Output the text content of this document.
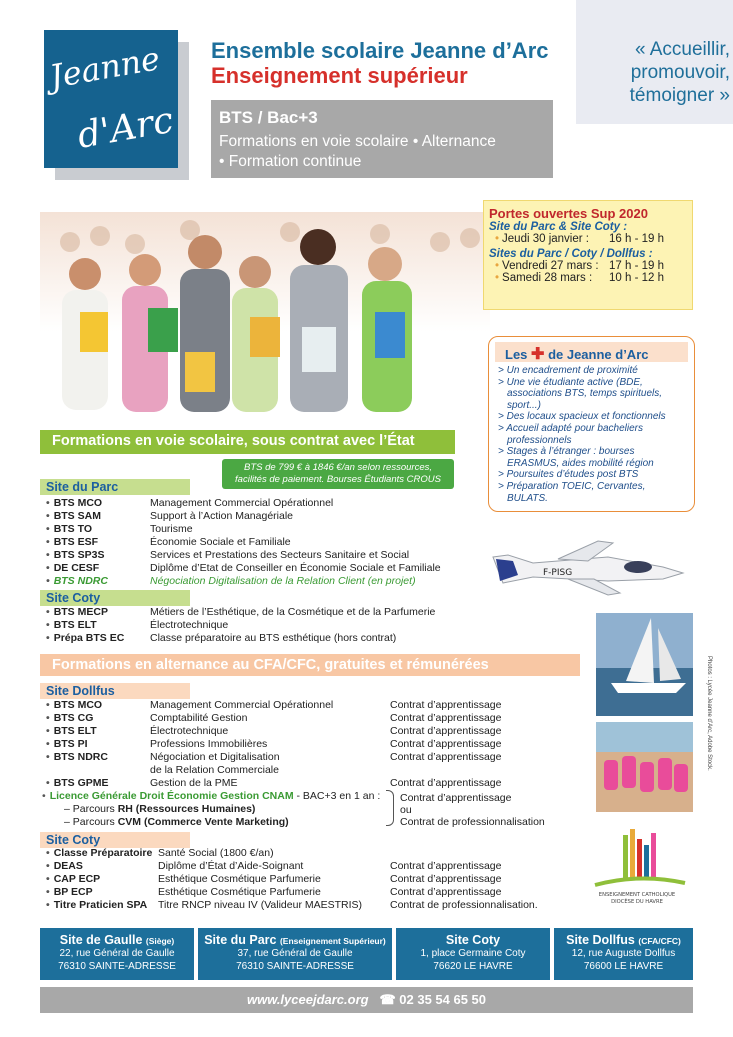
« Accueillir,
promouvoir,
témoigner »
Jeanne
d'Arc
Ensemble scolaire Jeanne d’Arc
Enseignement supérieur
BTS / Bac+3
Formations en voie scolaire • Alternance
• Formation continue
Portes ouvertes Sup 2020
Site du Parc & Site Coty :
• Jeudi 30 janvier :	16 h - 19 h
Sites du Parc / Coty / Dollfus :
• Vendredi 27 mars : 17 h - 19 h
• Samedi 28 mars :	10 h - 12 h
Les ✚ de Jeanne d’Arc
> Un encadrement de proximité
> Une vie étudiante active (BDE, associations BTS, temps spirituels, sport...)
> Des locaux spacieux et fonctionnels
> Accueil adapté pour bacheliers professionnels
> Stages à l’étranger : bourses ERASMUS, aides mobilité région
> Poursuites d’études post BTS
> Préparation TOEIC, Cervantes, BULATS.
Formations en voie scolaire, sous contrat avec l’État
BTS de 799 € à 1846 €/an selon ressources,
facilités de paiement. Bourses Étudiants CROUS
Site du Parc
• BTS MCO	Management Commercial Opérationnel
• BTS SAM	Support à l’Action Managériale
• BTS TO	Tourisme
• BTS ESF	Économie Sociale et Familiale
• BTS SP3S	Services et Prestations des Secteurs Sanitaire et Social
• DE CESF	Diplôme d’Etat de Conseiller en Économie Sociale et Familiale
• BTS NDRC	Négociation Digitalisation de la Relation Client (en projet)
Site Coty
• BTS MECP	Métiers de l’Esthétique, de la Cosmétique et de la Parfumerie
• BTS ELT	Électrotechnique
• Prépa BTS EC	Classe préparatoire au BTS esthétique (hors contrat)
Formations en alternance au CFA/CFC, gratuites et rémunérées
Site Dollfus
• BTS MCO	Management Commercial Opérationnel	Contrat d’apprentissage
• BTS CG	Comptabilité Gestion	Contrat d’apprentissage
• BTS ELT	Électrotechnique	Contrat d’apprentissage
• BTS PI	Professions Immobilières	Contrat d’apprentissage
• BTS NDRC	Négociation et Digitalisation	Contrat d’apprentissage
de la Relation Commerciale
• BTS GPME	Gestion de la PME	Contrat d’apprentissage
• Licence Générale Droit Économie Gestion CNAM - BAC+3 en 1 an :
– Parcours RH (Ressources Humaines)
– Parcours CVM (Commerce Vente Marketing)
Contrat d’apprentissage
ou
Contrat de professionnalisation
Site Coty
• Classe Préparatoire Santé Social (1800 €/an)
• DEAS	Diplôme d’État d’Aide-Soignant	Contrat d’apprentissage
• CAP ECP	Esthétique Cosmétique Parfumerie	Contrat d’apprentissage
• BP ECP	Esthétique Cosmétique Parfumerie	Contrat d’apprentissage
• Titre Praticien SPA	Titre RNCP niveau IV (Valideur MAESTRIS)	Contrat de professionnalisation.
F-PISG
Photos : Lycée Jeanne d’Arc, Adobe Stock.
ENSEIGNEMENT CATHOLIQUE
DIOCÈSE DU HAVRE
Site de Gaulle (Siège)
22, rue Général de Gaulle
76310 SAINTE-ADRESSE
Site du Parc (Enseignement Supérieur)
37, rue Général de Gaulle
76310 SAINTE-ADRESSE
Site Coty
1, place Germaine Coty
76620 LE HAVRE
Site Dollfus (CFA/CFC)
12, rue Auguste Dollfus
76600 LE HAVRE
www.lyceejdarc.org ☎ 02 35 54 65 50
